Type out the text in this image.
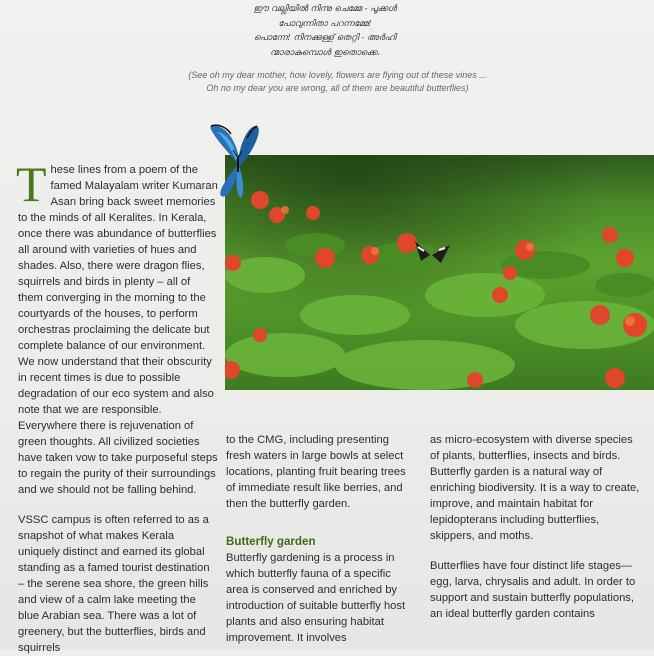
ഈ വല്ലിയിൽ നിന്നു ചെമ്മേ - പൂക്കൾ
പോവുന്നിതാ പറന്നമ്മേ!
പൊന്നേ! നിനക്കുള്ള് തെറ്റി - അർഹി
ന്മാരാകുമ്പൊൾ ഇതൊക്കെ.
(See oh my dear mother, how lovely, flowers are flying out of these vines ...
Oh no my dear you are wrong, all of them are beautiful butterflies)

These lines from a poem of the famed Malayalam writer Kumaran Asan bring back sweet memories to the minds of all Keralites. In Kerala, once there was abundance of butterflies all around with varieties of hues and shades. Also, there were dragon flies, squirrels and birds in plenty – all of them converging in the morning to the courtyards of the houses, to perform orchestras proclaiming the delicate but complete balance of our environment. We now understand that their obscurity in recent times is due to possible degradation of our eco system and also note that we are responsible. Everywhere there is rejuvenation of green thoughts. All civilized societies have taken vow to take purposeful steps to regain the purity of their surroundings and we should not be falling behind.

VSSC campus is often referred to as a snapshot of what makes Kerala uniquely distinct and earned its global standing as a famed tourist destination – the serene sea shore, the green hills and view of a calm lake meeting the blue Arabian sea. There was a lot of greenery, but the butterflies, birds and squirrels

to the CMG, including presenting fresh waters in large bowls at select locations, planting fruit bearing trees of immediate result like berries, and then the butterfly garden.

Butterfly garden

Butterfly gardening is a process in which butterfly fauna of a specific area is conserved and enriched by introduction of suitable butterfly host plants and also ensuring habitat improvement. It involves

as micro-ecosystem with diverse species of plants, butterflies, insects and birds. Butterfly garden is a natural way of enriching biodiversity. It is a way to create, improve, and maintain habitat for lepidopterans including butterflies, skippers, and moths.

Butterflies have four distinct life stages—egg, larva, chrysalis and adult. In order to support and sustain butterfly populations, an ideal butterfly garden contains
